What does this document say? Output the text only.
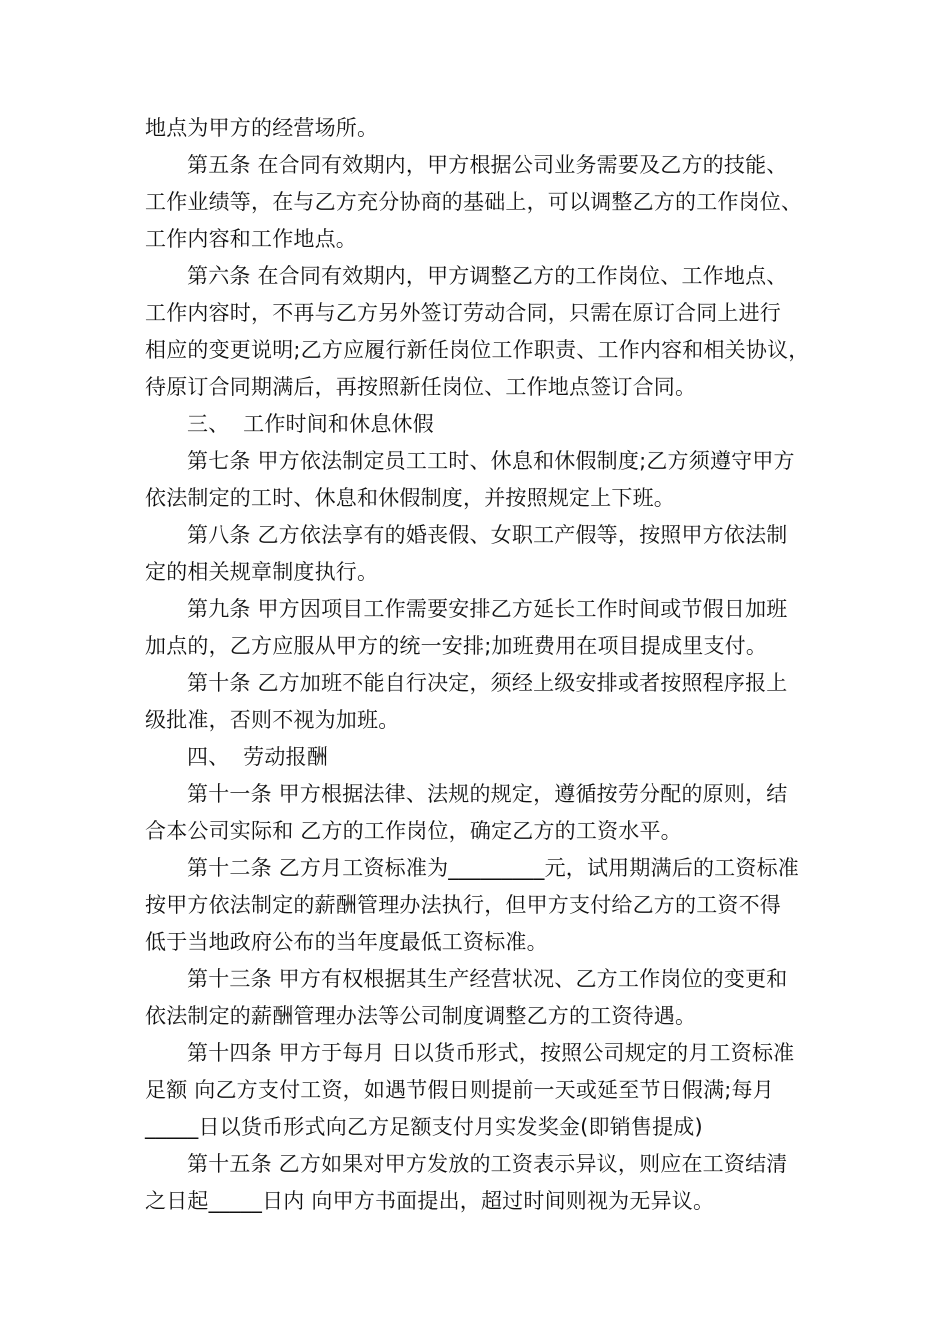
地点为甲方的经营场所。
第五条 在合同有效期内，甲方根据公司业务需要及乙方的技能、
工作业绩等，在与乙方充分协商的基础上，可以调整乙方的工作岗位、
工作内容和工作地点。
第六条 在合同有效期内，甲方调整乙方的工作岗位、工作地点、
工作内容时，不再与乙方另外签订劳动合同，只需在原订合同上进行
相应的变更说明;乙方应履行新任岗位工作职责、工作内容和相关协议，
待原订合同期满后，再按照新任岗位、工作地点签订合同。
三、  工作时间和休息休假
第七条 甲方依法制定员工工时、休息和休假制度;乙方须遵守甲方
依法制定的工时、休息和休假制度，并按照规定上下班。
第八条 乙方依法享有的婚丧假、女职工产假等，按照甲方依法制
定的相关规章制度执行。
第九条 甲方因项目工作需要安排乙方延长工作时间或节假日加班
加点的，乙方应服从甲方的统一安排;加班费用在项目提成里支付。
第十条 乙方加班不能自行决定，须经上级安排或者按照程序报上
级批准，否则不视为加班。
四、  劳动报酬
第十一条 甲方根据法律、法规的规定，遵循按劳分配的原则，结
合本公司实际和 乙方的工作岗位，确定乙方的工资水平。
第十二条 乙方月工资标准为_________元，试用期满后的工资标准
按甲方依法制定的薪酬管理办法执行，但甲方支付给乙方的工资不得
低于当地政府公布的当年度最低工资标准。
第十三条 甲方有权根据其生产经营状况、乙方工作岗位的变更和
依法制定的薪酬管理办法等公司制度调整乙方的工资待遇。
第十四条 甲方于每月 日以货币形式，按照公司规定的月工资标准
足额 向乙方支付工资，如遇节假日则提前一天或延至节日假满;每月
_____日以货币形式向乙方足额支付月实发奖金(即销售提成)
第十五条 乙方如果对甲方发放的工资表示异议，则应在工资结清
之日起_____日内 向甲方书面提出，超过时间则视为无异议。
